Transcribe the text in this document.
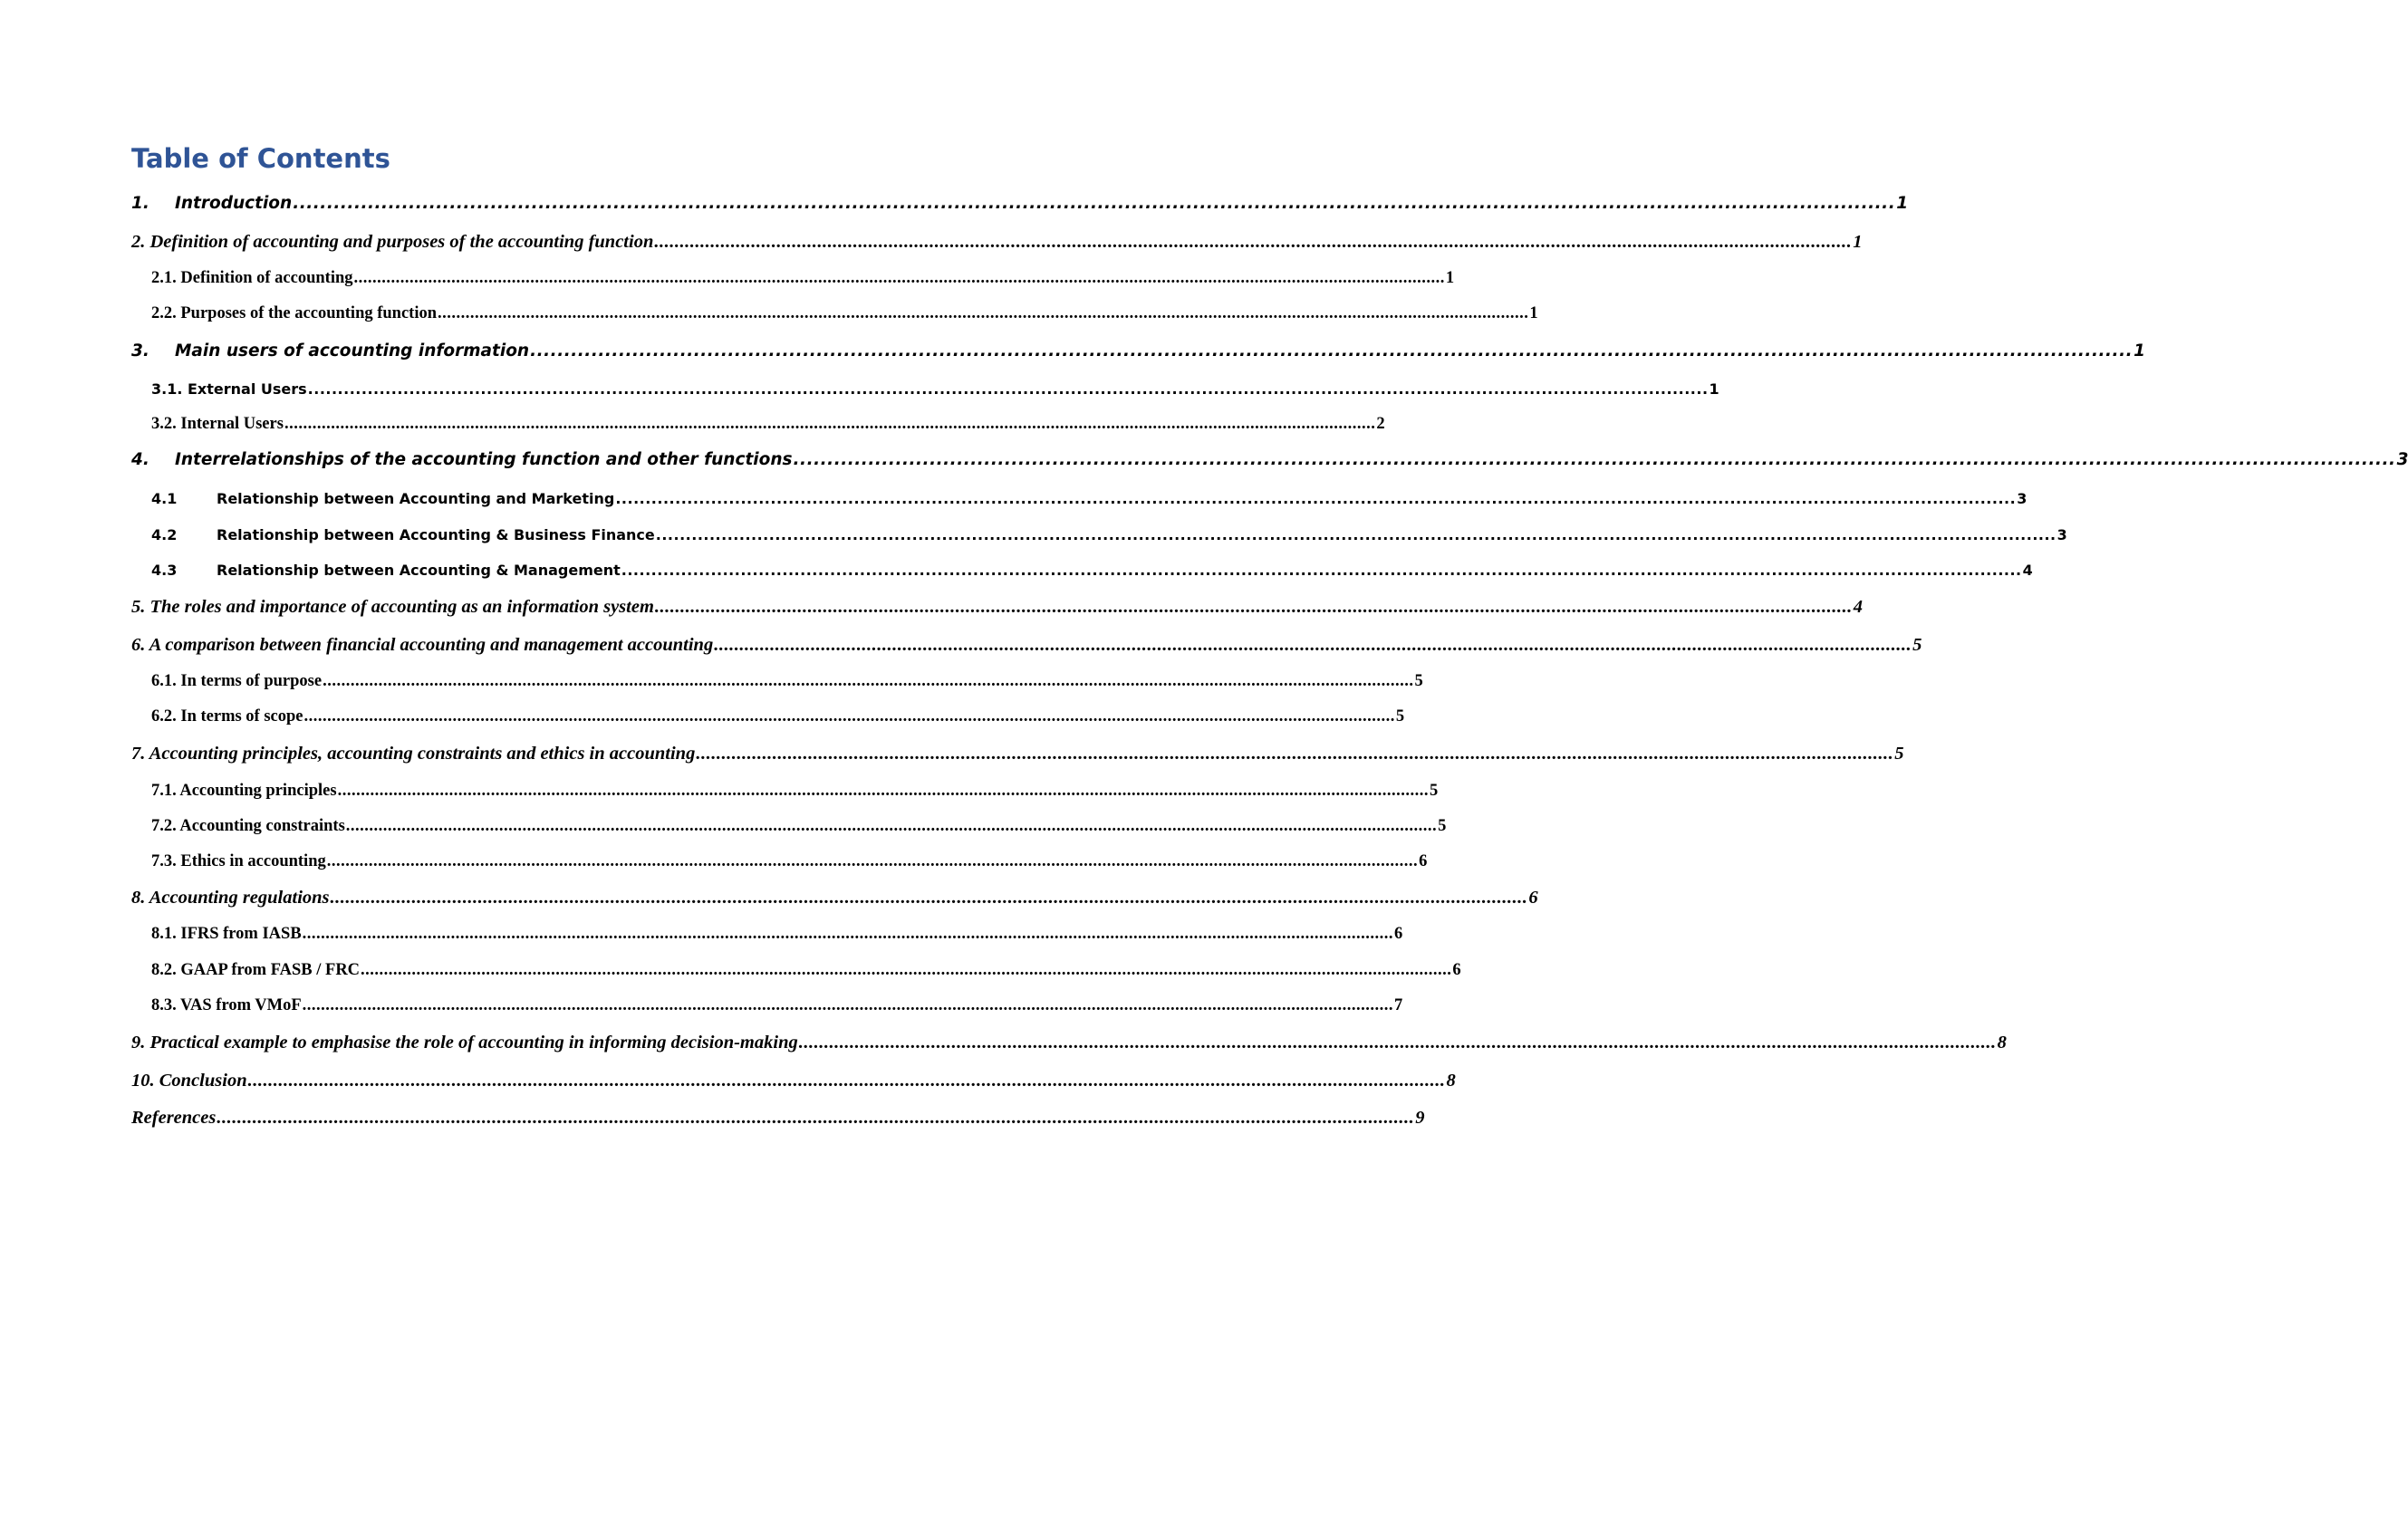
Table of Contents
1.	Introduction ........................................................................................................................................................................................................................................... 1
2. Definition of accounting and purposes of the accounting function ........................................................................................................................................................................................................................................... 1
2.1. Definition of accounting ........................................................................................................................................................................................................................................... 1
2.2. Purposes of the accounting function ........................................................................................................................................................................................................................................... 1
3.	Main users of accounting information ........................................................................................................................................................................................................................................... 1
3.1. External Users ........................................................................................................................................................................................................................................... 1
3.2. Internal Users ........................................................................................................................................................................................................................................... 2
4.	Interrelationships of the accounting function and other functions ........................................................................................................................................................................................................................................... 3
4.1	Relationship between Accounting and Marketing ........................................................................................................................................................................................................................................... 3
4.2	Relationship between Accounting & Business Finance ........................................................................................................................................................................................................................................... 3
4.3	Relationship between Accounting & Management ........................................................................................................................................................................................................................................... 4
5. The roles and importance of accounting as an information system ........................................................................................................................................................................................................................................... 4
6. A comparison between financial accounting and management accounting ........................................................................................................................................................................................................................................... 5
6.1. In terms of purpose ........................................................................................................................................................................................................................................... 5
6.2. In terms of scope ........................................................................................................................................................................................................................................... 5
7. Accounting principles, accounting constraints and ethics in accounting ........................................................................................................................................................................................................................................... 5
7.1. Accounting principles ........................................................................................................................................................................................................................................... 5
7.2. Accounting constraints ........................................................................................................................................................................................................................................... 5
7.3. Ethics in accounting ........................................................................................................................................................................................................................................... 6
8. Accounting regulations ........................................................................................................................................................................................................................................... 6
8.1. IFRS from IASB ........................................................................................................................................................................................................................................... 6
8.2. GAAP from FASB / FRC ........................................................................................................................................................................................................................................... 6
8.3. VAS from VMoF ........................................................................................................................................................................................................................................... 7
9. Practical example to emphasise the role of accounting in informing decision-making ........................................................................................................................................................................................................................................... 8
10. Conclusion ........................................................................................................................................................................................................................................... 8
References ........................................................................................................................................................................................................................................... 9
